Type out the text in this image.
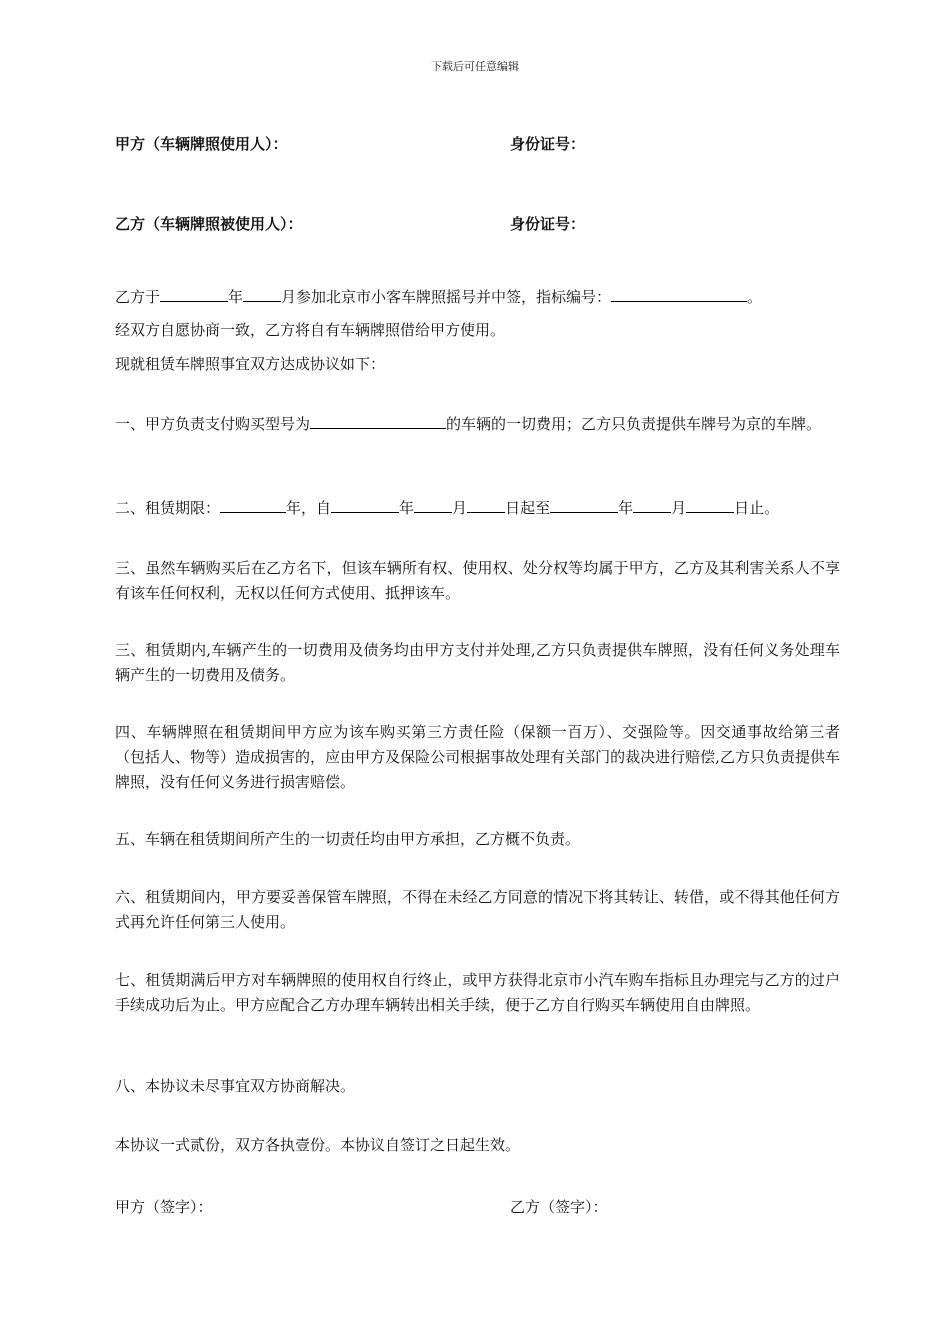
下载后可任意编辑
甲方（车辆牌照使用人）：	身份证号：
乙方（车辆牌照被使用人）：	身份证号：
乙方于	年	月参加北京市小客车牌照摇号并中签，指标编号：	。
经双方自愿协商一致，乙方将自有车辆牌照借给甲方使用。
现就租赁车牌照事宜双方达成协议如下：
一、甲方负责支付购买型号为	的车辆的一切费用；乙方只负责提供车牌号为京的车牌。
二、租赁期限：	年，自	年	月	日起至	年	月	日止。
三、虽然车辆购买后在乙方名下，但该车辆所有权、使用权、处分权等均属于甲方，乙方及其利害关系人不享有该车任何权利，无权以任何方式使用、抵押该车。
三、租赁期内,车辆产生的一切费用及债务均由甲方支付并处理,乙方只负责提供车牌照，没有任何义务处理车辆产生的一切费用及债务。
四、车辆牌照在租赁期间甲方应为该车购买第三方责任险（保额一百万）、交强险等。因交通事故给第三者（包括人、物等）造成损害的，应由甲方及保险公司根据事故处理有关部门的裁决进行赔偿,乙方只负责提供车牌照，没有任何义务进行损害赔偿。
五、车辆在租赁期间所产生的一切责任均由甲方承担，乙方概不负责。
六、租赁期间内，甲方要妥善保管车牌照，不得在未经乙方同意的情况下将其转让、转借，或不得其他任何方式再允许任何第三人使用。
七、租赁期满后甲方对车辆牌照的使用权自行终止，或甲方获得北京市小汽车购车指标且办理完与乙方的过户手续成功后为止。甲方应配合乙方办理车辆转出相关手续，便于乙方自行购买车辆使用自由牌照。
八、本协议未尽事宜双方协商解决。
本协议一式贰份，双方各执壹份。本协议自签订之日起生效。
甲方（签字）：	乙方（签字）：
